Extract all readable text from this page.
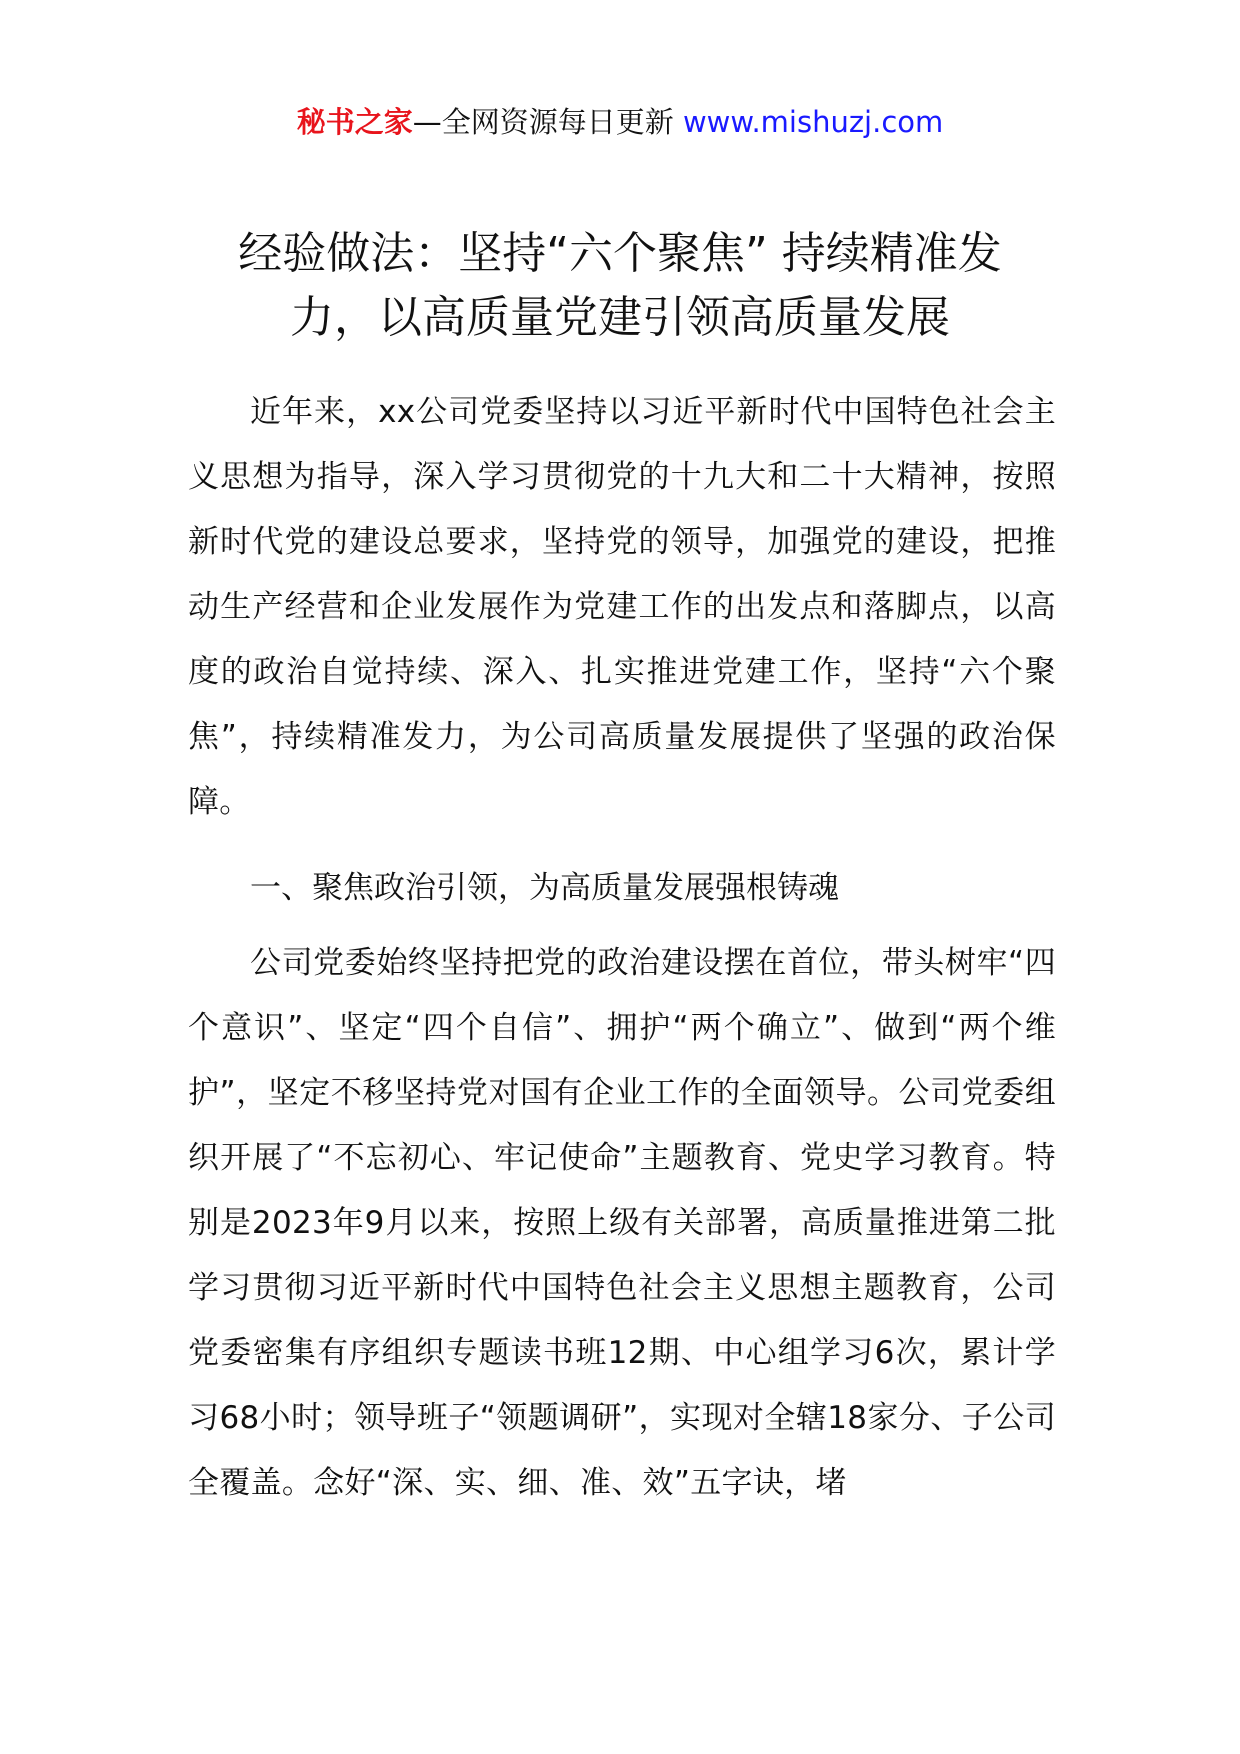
秘书之家—全网资源每日更新 www.mishuzj.com
经验做法：坚持“六个聚焦” 持续精准发
力，以高质量党建引领高质量发展

近年来，xx公司党委坚持以习近平新时代中国特色社会主义思想为指导，深入学习贯彻党的十九大和二十大精神，按照新时代党的建设总要求，坚持党的领导，加强党的建设，把推动生产经营和企业发展作为党建工作的出发点和落脚点，以高度的政治自觉持续、深入、扎实推进党建工作，坚持“六个聚焦”，持续精准发力，为公司高质量发展提供了坚强的政治保障。

一、聚焦政治引领，为高质量发展强根铸魂

公司党委始终坚持把党的政治建设摆在首位，带头树牢“四个意识”、坚定“四个自信”、拥护“两个确立”、做到“两个维护”，坚定不移坚持党对国有企业工作的全面领导。公司党委组织开展了“不忘初心、牢记使命”主题教育、党史学习教育。特别是2023年9月以来，按照上级有关部署，高质量推进第二批学习贯彻习近平新时代中国特色社会主义思想主题教育，公司党委密集有序组织专题读书班12期、中心组学习6次，累计学习68小时；领导班子“领题调研”，实现对全辖18家分、子公司全覆盖。念好“深、实、细、准、效”五字诀，堵
